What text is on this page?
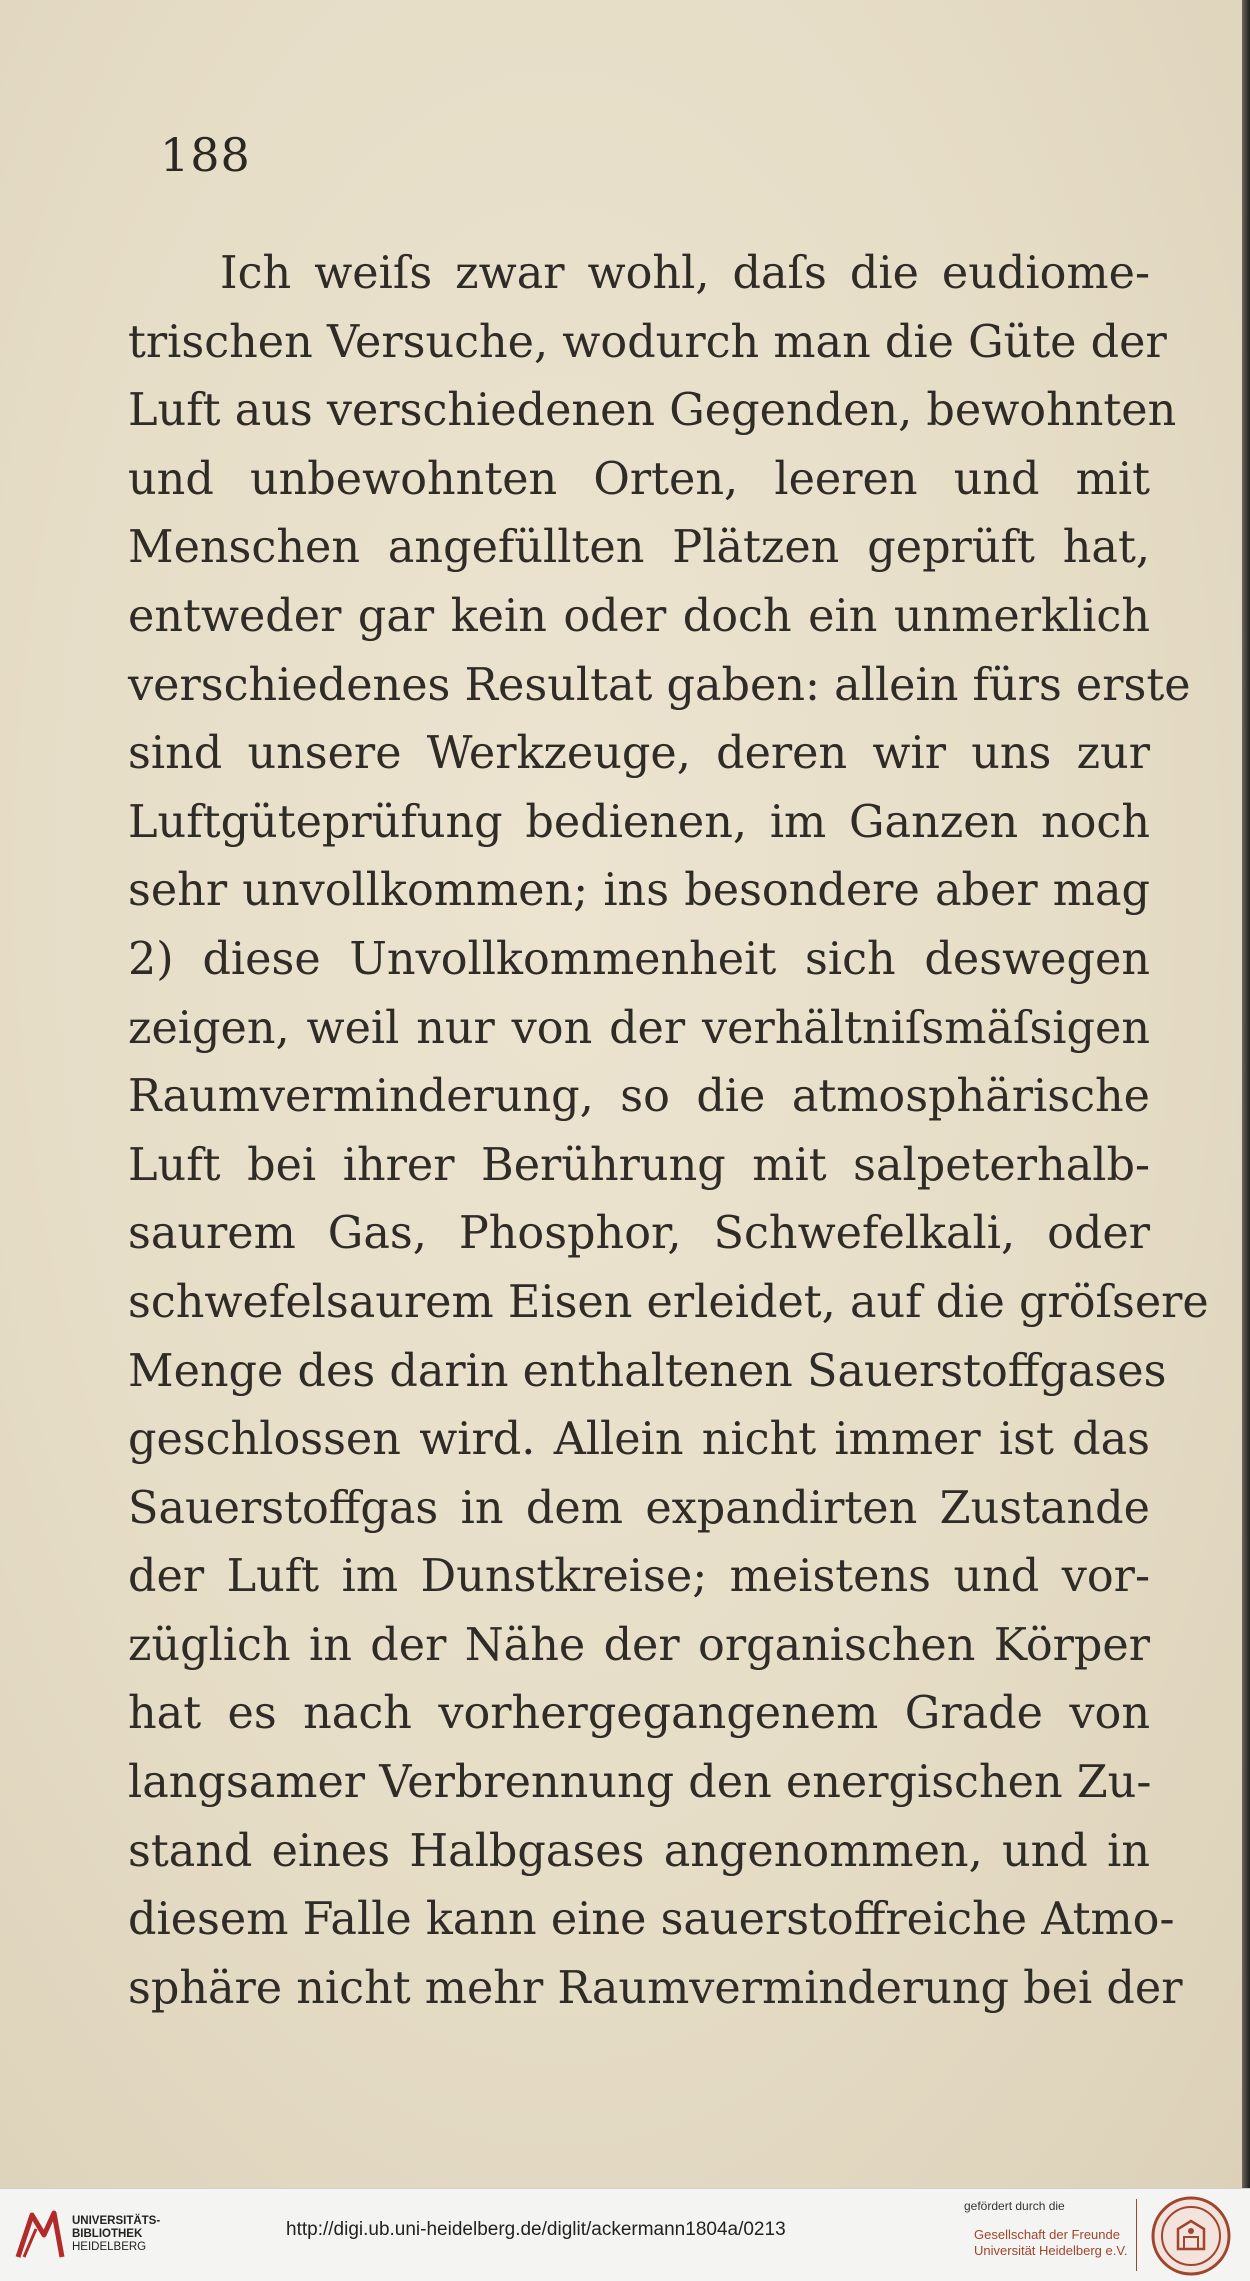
188
Ich weiſs zwar wohl, daſs die eudiome-
trischen Versuche, wodurch man die Güte der
Luft aus verschiedenen Gegenden, bewohnten
und unbewohnten Orten, leeren und mit
Menschen angefüllten Plätzen geprüft hat,
entweder gar kein oder doch ein unmerklich
verschiedenes Resultat gaben: allein fürs erste
sind unsere Werkzeuge, deren wir uns zur
Luftgüteprüfung bedienen, im Ganzen noch
sehr unvollkommen; ins besondere aber mag
2) diese Unvollkommenheit sich deswegen
zeigen, weil nur von der verhältniſsmäſsigen
Raumverminderung, so die atmosphärische
Luft bei ihrer Berührung mit salpeterhalb-
saurem Gas, Phosphor, Schwefelkali, oder
schwefelsaurem Eisen erleidet, auf die gröſsere
Menge des darin enthaltenen Sauerstoffgases
geschlossen wird. Allein nicht immer ist das
Sauerstoffgas in dem expandirten Zustande
der Luft im Dunstkreise; meistens und vor-
züglich in der Nähe der organischen Körper
hat es nach vorhergegangenem Grade von
langsamer Verbrennung den energischen Zu-
stand eines Halbgases angenommen, und in
diesem Falle kann eine sauerstoffreiche Atmo-
sphäre nicht mehr Raumverminderung bei der
UNIVERSITÄTS-
BIBLIOTHEK
HEIDELBERG
http://digi.ub.uni-heidelberg.de/diglit/ackermann1804a/0213
gefördert durch die
Gesellschaft der Freunde
Universität Heidelberg e.V.
